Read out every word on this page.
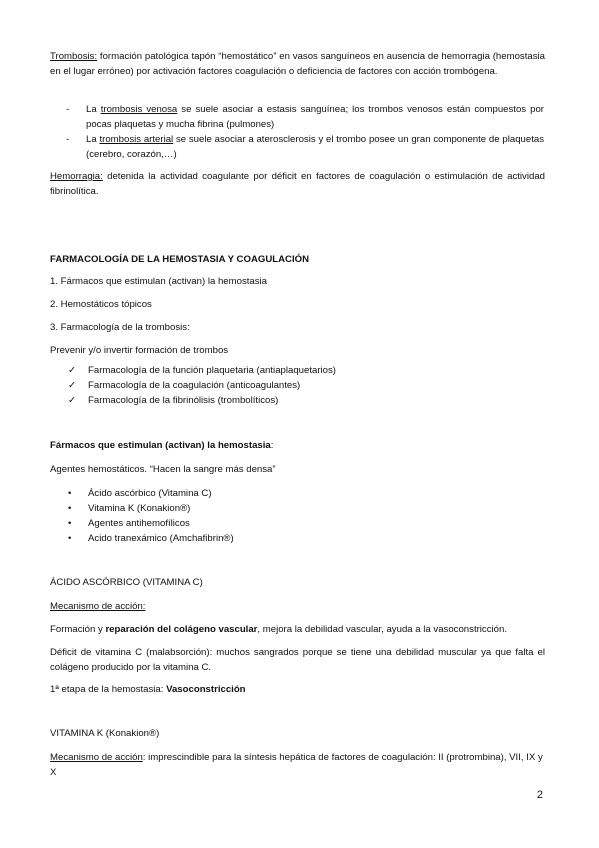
Trombosis: formación patológica tapón “hemostático” en vasos sanguíneos en ausencia de hemorragia (hemostasia en el lugar erróneo) por activación factores coagulación o deficiencia de factores con acción trombógena.
- La trombosis venosa se suele asociar a estasis sanguínea; los trombos venosos están compuestos por pocas plaquetas y mucha fibrina (pulmones)
- La trombosis arterial se suele asociar a aterosclerosis y el trombo posee un gran componente de plaquetas (cerebro, corazón,…)
Hemorragia: detenida la actividad coagulante por déficit en factores de coagulación o estimulación de actividad fibrinolítica.
FARMACOLOGÍA DE LA HEMOSTASIA Y COAGULACIÓN
1. Fármacos que estimulan (activan) la hemostasia
2. Hemostáticos tópicos
3. Farmacología de la trombosis:
Prevenir y/o invertir formación de trombos
✓ Farmacología de la función plaquetaria (antiaplaquetarios)
✓ Farmacología de la coagulación (anticoagulantes)
✓ Farmacología de la fibrinólisis (trombolíticos)
Fármacos que estimulan (activan) la hemostasia:
Agentes hemostáticos. “Hacen la sangre más densa”
• Ácido ascórbico (Vitamina C)
• Vitamina K (Konakion®)
• Agentes antihemofílicos
• Acido tranexámico (Amchafibrin®)
ÁCIDO ASCÓRBICO (VITAMINA C)
Mecanismo de acción:
Formación y reparación del colágeno vascular, mejora la debilidad vascular, ayuda a la vasoconstricción.
Déficit de vitamina C (malabsorción): muchos sangrados porque se tiene una debilidad muscular ya que falta el colágeno producido por la vitamina C.
1ª etapa de la hemostasia: Vasoconstricción
VITAMINA K (Konakion®)
Mecanismo de acción: imprescindible para la síntesis hepática de factores de coagulación: II (protrombina), VII, IX y X
2
